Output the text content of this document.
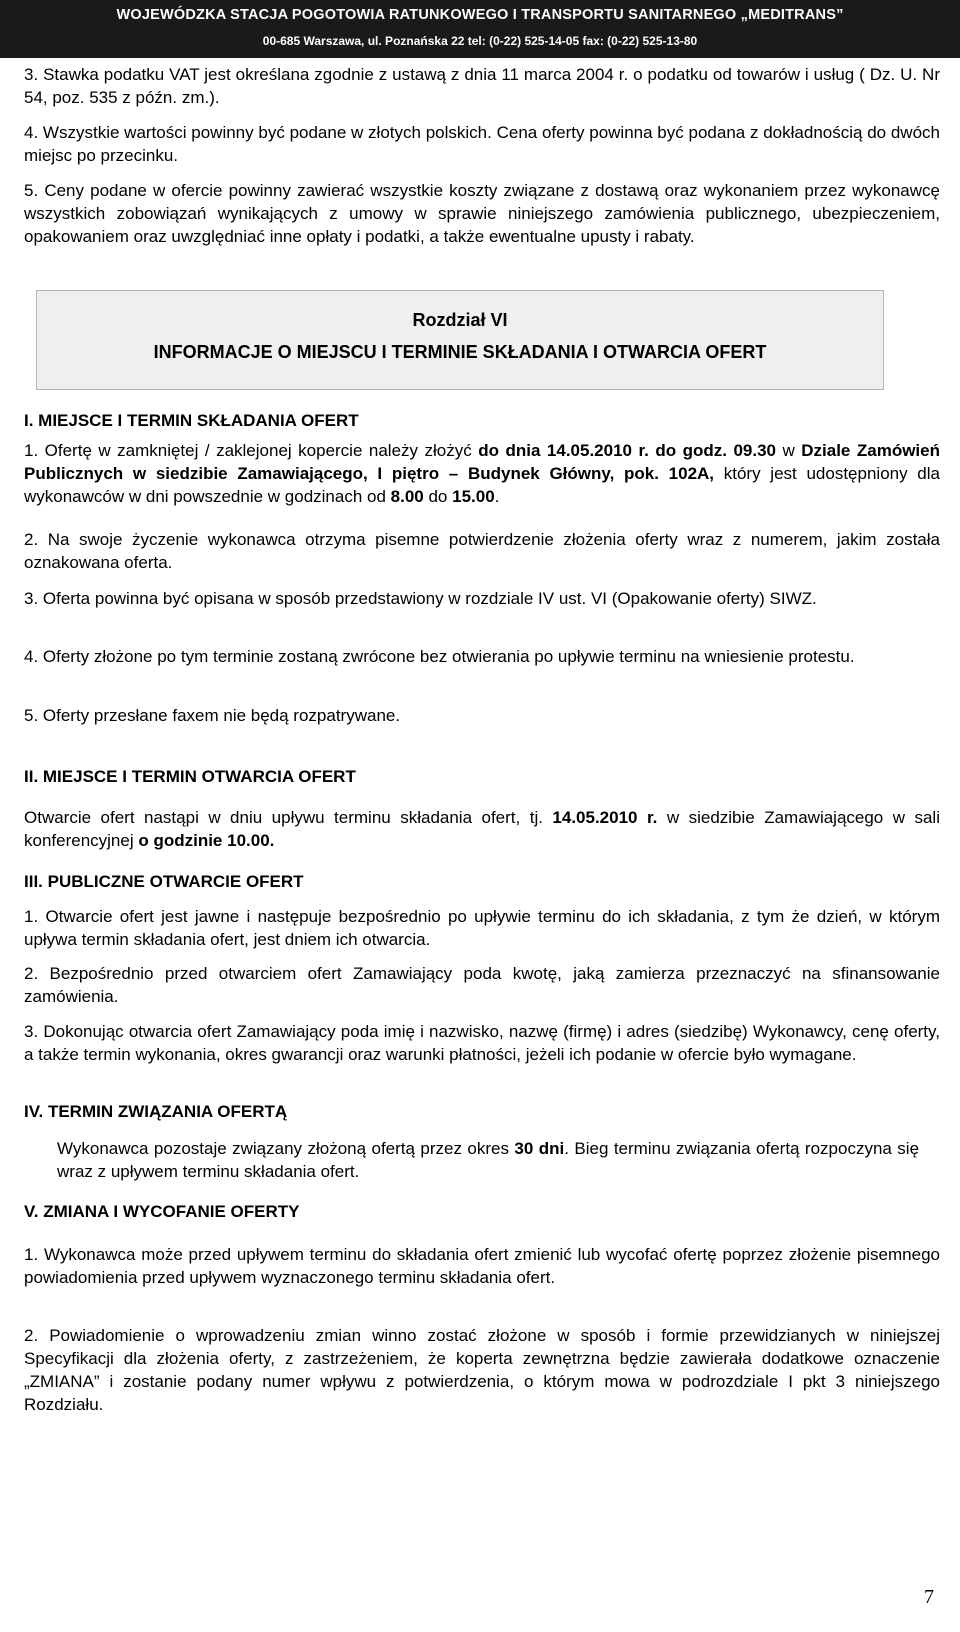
WOJEWÓDZKA STACJA POGOTOWIA RATUNKOWEGO I TRANSPORTU SANITARNEGO „MEDITRANS”
00-685 Warszawa, ul. Poznańska 22 tel: (0-22) 525-14-05 fax: (0-22) 525-13-80

3. Stawka podatku VAT jest określana zgodnie z ustawą z dnia 11 marca 2004 r. o podatku od towarów i usług ( Dz. U. Nr 54, poz. 535 z późn. zm.).

4. Wszystkie wartości powinny być podane w złotych polskich. Cena oferty powinna być podana z dokładnością do dwóch miejsc po przecinku.

5. Ceny podane w ofercie powinny zawierać wszystkie koszty związane z dostawą oraz wykonaniem przez wykonawcę wszystkich zobowiązań wynikających z umowy w sprawie niniejszego zamówienia publicznego, ubezpieczeniem, opakowaniem oraz uwzględniać inne opłaty i podatki, a także ewentualne upusty i rabaty.

Rozdział VI
INFORMACJE O MIEJSCU I TERMINIE SKŁADANIA I OTWARCIA OFERT

I. MIEJSCE I TERMIN SKŁADANIA OFERT

1. Ofertę w zamkniętej / zaklejonej kopercie należy złożyć do dnia 14.05.2010 r. do godz. 09.30 w Dziale Zamówień Publicznych w siedzibie Zamawiającego, I piętro – Budynek Główny, pok. 102A, który jest udostępniony dla wykonawców w dni powszednie w godzinach od 8.00 do 15.00.

2. Na swoje życzenie wykonawca otrzyma pisemne potwierdzenie złożenia oferty wraz z numerem, jakim została oznakowana oferta.

3. Oferta powinna być opisana w sposób przedstawiony w rozdziale IV ust. VI (Opakowanie oferty) SIWZ.

4. Oferty złożone po tym terminie zostaną zwrócone bez otwierania po upływie terminu na wniesienie protestu.

5. Oferty przesłane faxem nie będą rozpatrywane.

II. MIEJSCE I TERMIN OTWARCIA OFERT

Otwarcie ofert nastąpi w dniu upływu terminu składania ofert, tj. 14.05.2010 r. w siedzibie Zamawiającego w sali konferencyjnej o godzinie 10.00.

III. PUBLICZNE OTWARCIE OFERT

1. Otwarcie ofert jest jawne i następuje bezpośrednio po upływie terminu do ich składania, z tym że dzień, w którym upływa termin składania ofert, jest dniem ich otwarcia.

2. Bezpośrednio przed otwarciem ofert Zamawiający poda kwotę, jaką zamierza przeznaczyć na sfinansowanie zamówienia.

3. Dokonując otwarcia ofert Zamawiający poda imię i nazwisko, nazwę (firmę) i adres (siedzibę) Wykonawcy, cenę oferty, a także termin wykonania, okres gwarancji oraz warunki płatności, jeżeli ich podanie w ofercie było wymagane.

IV. TERMIN ZWIĄZANIA OFERTĄ

Wykonawca pozostaje związany złożoną ofertą przez okres 30 dni. Bieg terminu związania ofertą rozpoczyna się wraz z upływem terminu składania ofert.

V. ZMIANA I WYCOFANIE OFERTY

1. Wykonawca może przed upływem terminu do składania ofert zmienić lub wycofać ofertę poprzez złożenie pisemnego powiadomienia przed upływem wyznaczonego terminu składania ofert.

2. Powiadomienie o wprowadzeniu zmian winno zostać złożone w sposób i formie przewidzianych w niniejszej Specyfikacji dla złożenia oferty, z zastrzeżeniem, że koperta zewnętrzna będzie zawierała dodatkowe oznaczenie „ZMIANA” i zostanie podany numer wpływu z potwierdzenia, o którym mowa w podrozdziale I pkt 3 niniejszego Rozdziału.

7
